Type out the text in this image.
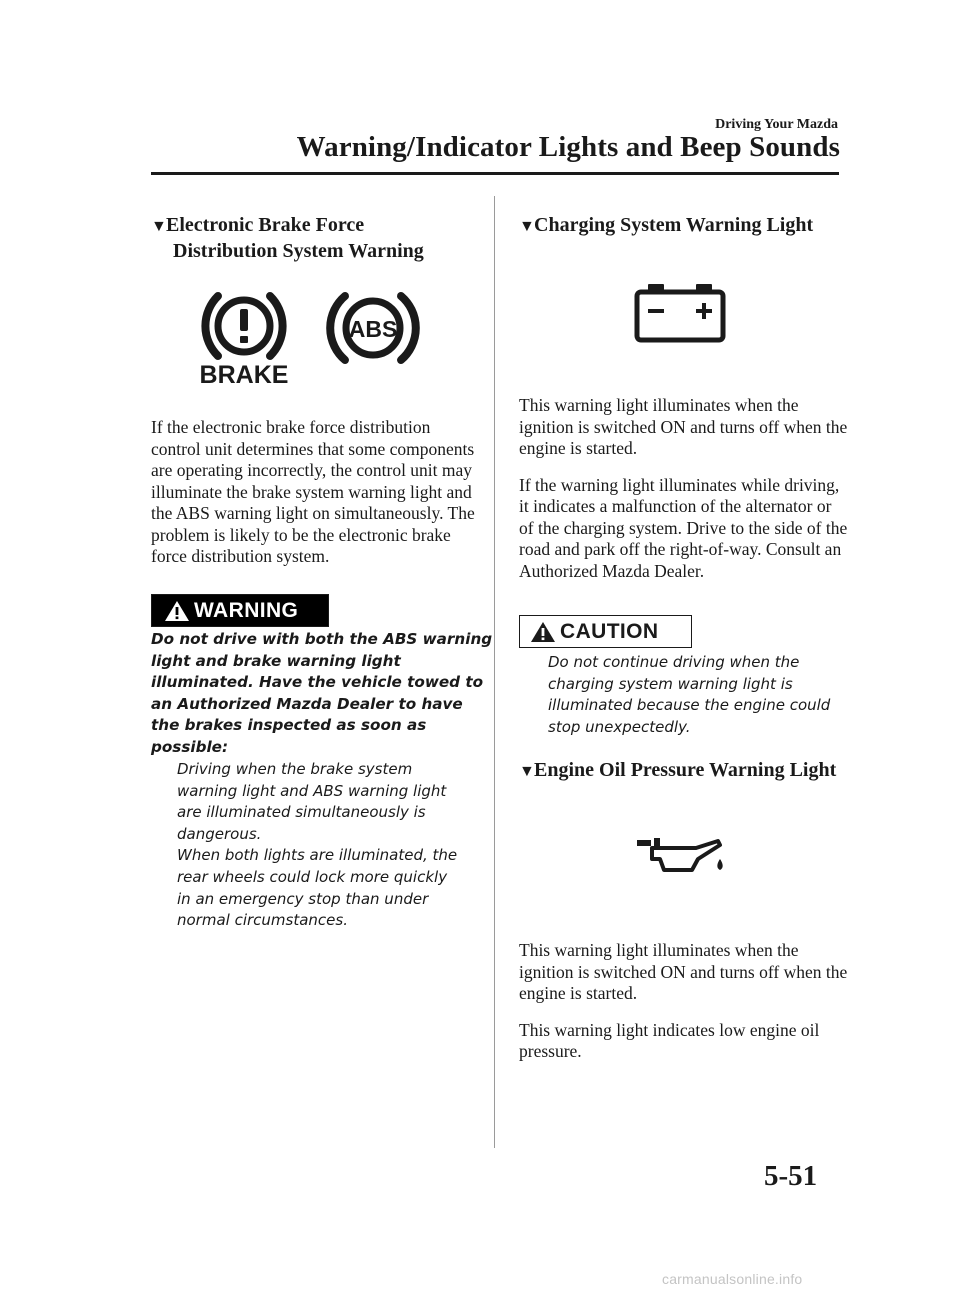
Driving Your Mazda
Warning/Indicator Lights and Beep Sounds
▼Electronic Brake Force
Distribution System Warning
BRAKE
ABS

If the electronic brake force distribution control unit determines that some components are operating incorrectly, the control unit may illuminate the brake system warning light and the ABS warning light on simultaneously. The problem is likely to be the electronic brake force distribution system.

WARNING
Do not drive with both the ABS warning
light and brake warning light
illuminated. Have the vehicle towed to
an Authorized Mazda Dealer to have
the brakes inspected as soon as
possible:
Driving when the brake system
warning light and ABS warning light
are illuminated simultaneously is
dangerous.
When both lights are illuminated, the
rear wheels could lock more quickly
in an emergency stop than under
normal circumstances.
▼Charging System Warning Light

This warning light illuminates when the ignition is switched ON and turns off when the engine is started.

If the warning light illuminates while driving, it indicates a malfunction of the alternator or of the charging system. Drive to the side of the road and park off the right-of-way. Consult an Authorized Mazda Dealer.

CAUTION
Do not continue driving when the
charging system warning light is
illuminated because the engine could
stop unexpectedly.
▼Engine Oil Pressure Warning Light

This warning light illuminates when the ignition is switched ON and turns off when the engine is started.

This warning light indicates low engine oil pressure.

5-51
carmanualsonline.info
